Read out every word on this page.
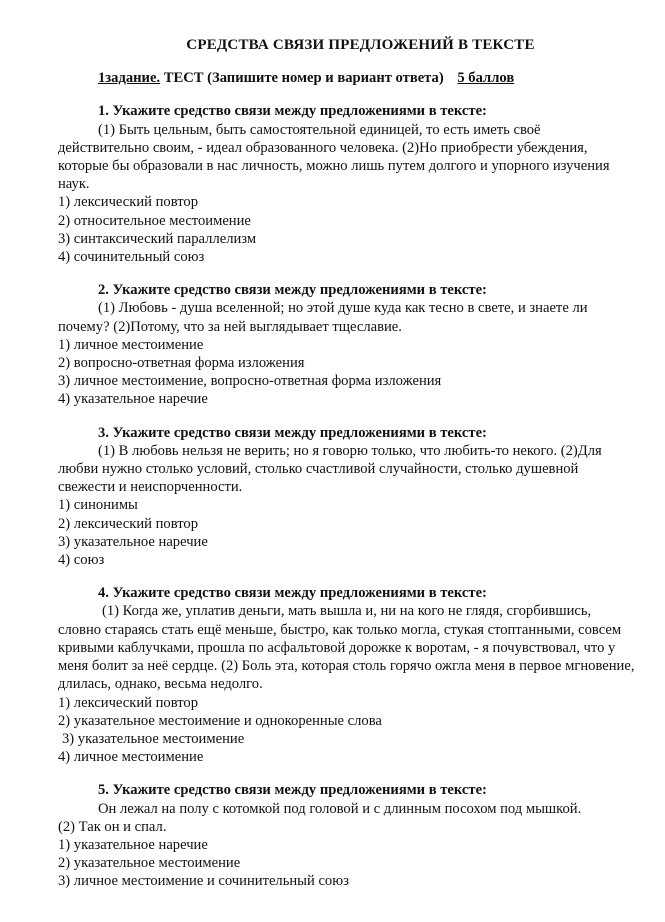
СРЕДСТВА СВЯЗИ ПРЕДЛОЖЕНИЙ В ТЕКСТЕ
1задание. ТЕСТ (Запишите номер и вариант ответа) 5 баллов
1. Укажите средство связи между предложениями в тексте:

(1) Быть цельным, быть самостоятельной единицей, то есть иметь своё действительно своим, - идеал образованного человека. (2)Но приобрести убеждения, которые бы образовали в нас личность, можно лишь путем долгого и упорного изучения наук.

1) лексический повтор

2) относительное местоимение

3) синтаксический параллелизм

4) сочинительный союз

2. Укажите средство связи между предложениями в тексте:

(1) Любовь - душа вселенной; но этой душе куда как тесно в свете, и знаете ли почему? (2)Потому, что за ней выглядывает тщеславие.

1) личное местоимение

2) вопросно-ответная форма изложения

3) личное местоимение, вопросно-ответная форма изложения

4) указательное наречие

3. Укажите средство связи между предложениями в тексте:

(1) В любовь нельзя не верить; но я говорю только, что любить-то некого. (2)Для любви нужно столько условий, столько счастливой случайности, столько душевной свежести и неиспорченности.

1) синонимы

2) лексический повтор

3) указательное наречие

4) союз

4. Укажите средство связи между предложениями в тексте:

(1) Когда же, уплатив деньги, мать вышла и, ни на кого не глядя, сгорбившись, словно стараясь стать ещё меньше, быстро, как только могла, стукая стоптанными, совсем кривыми каблучками, прошла по асфальтовой дорожке к воротам, - я почувствовал, что у меня болит за неё сердце. (2) Боль эта, которая столь горячо ожгла меня в первое мгновение, длилась, однако, весьма недолго.

1) лексический повтор

2) указательное местоимение и однокоренные слова

3) указательное местоимение

4) личное местоимение

5. Укажите средство связи между предложениями в тексте:

Он лежал на полу с котомкой под головой и с длинным посохом под мышкой.

(2) Так он и спал.

1) указательное наречие

2) указательное местоимение

3) личное местоимение и сочинительный союз
